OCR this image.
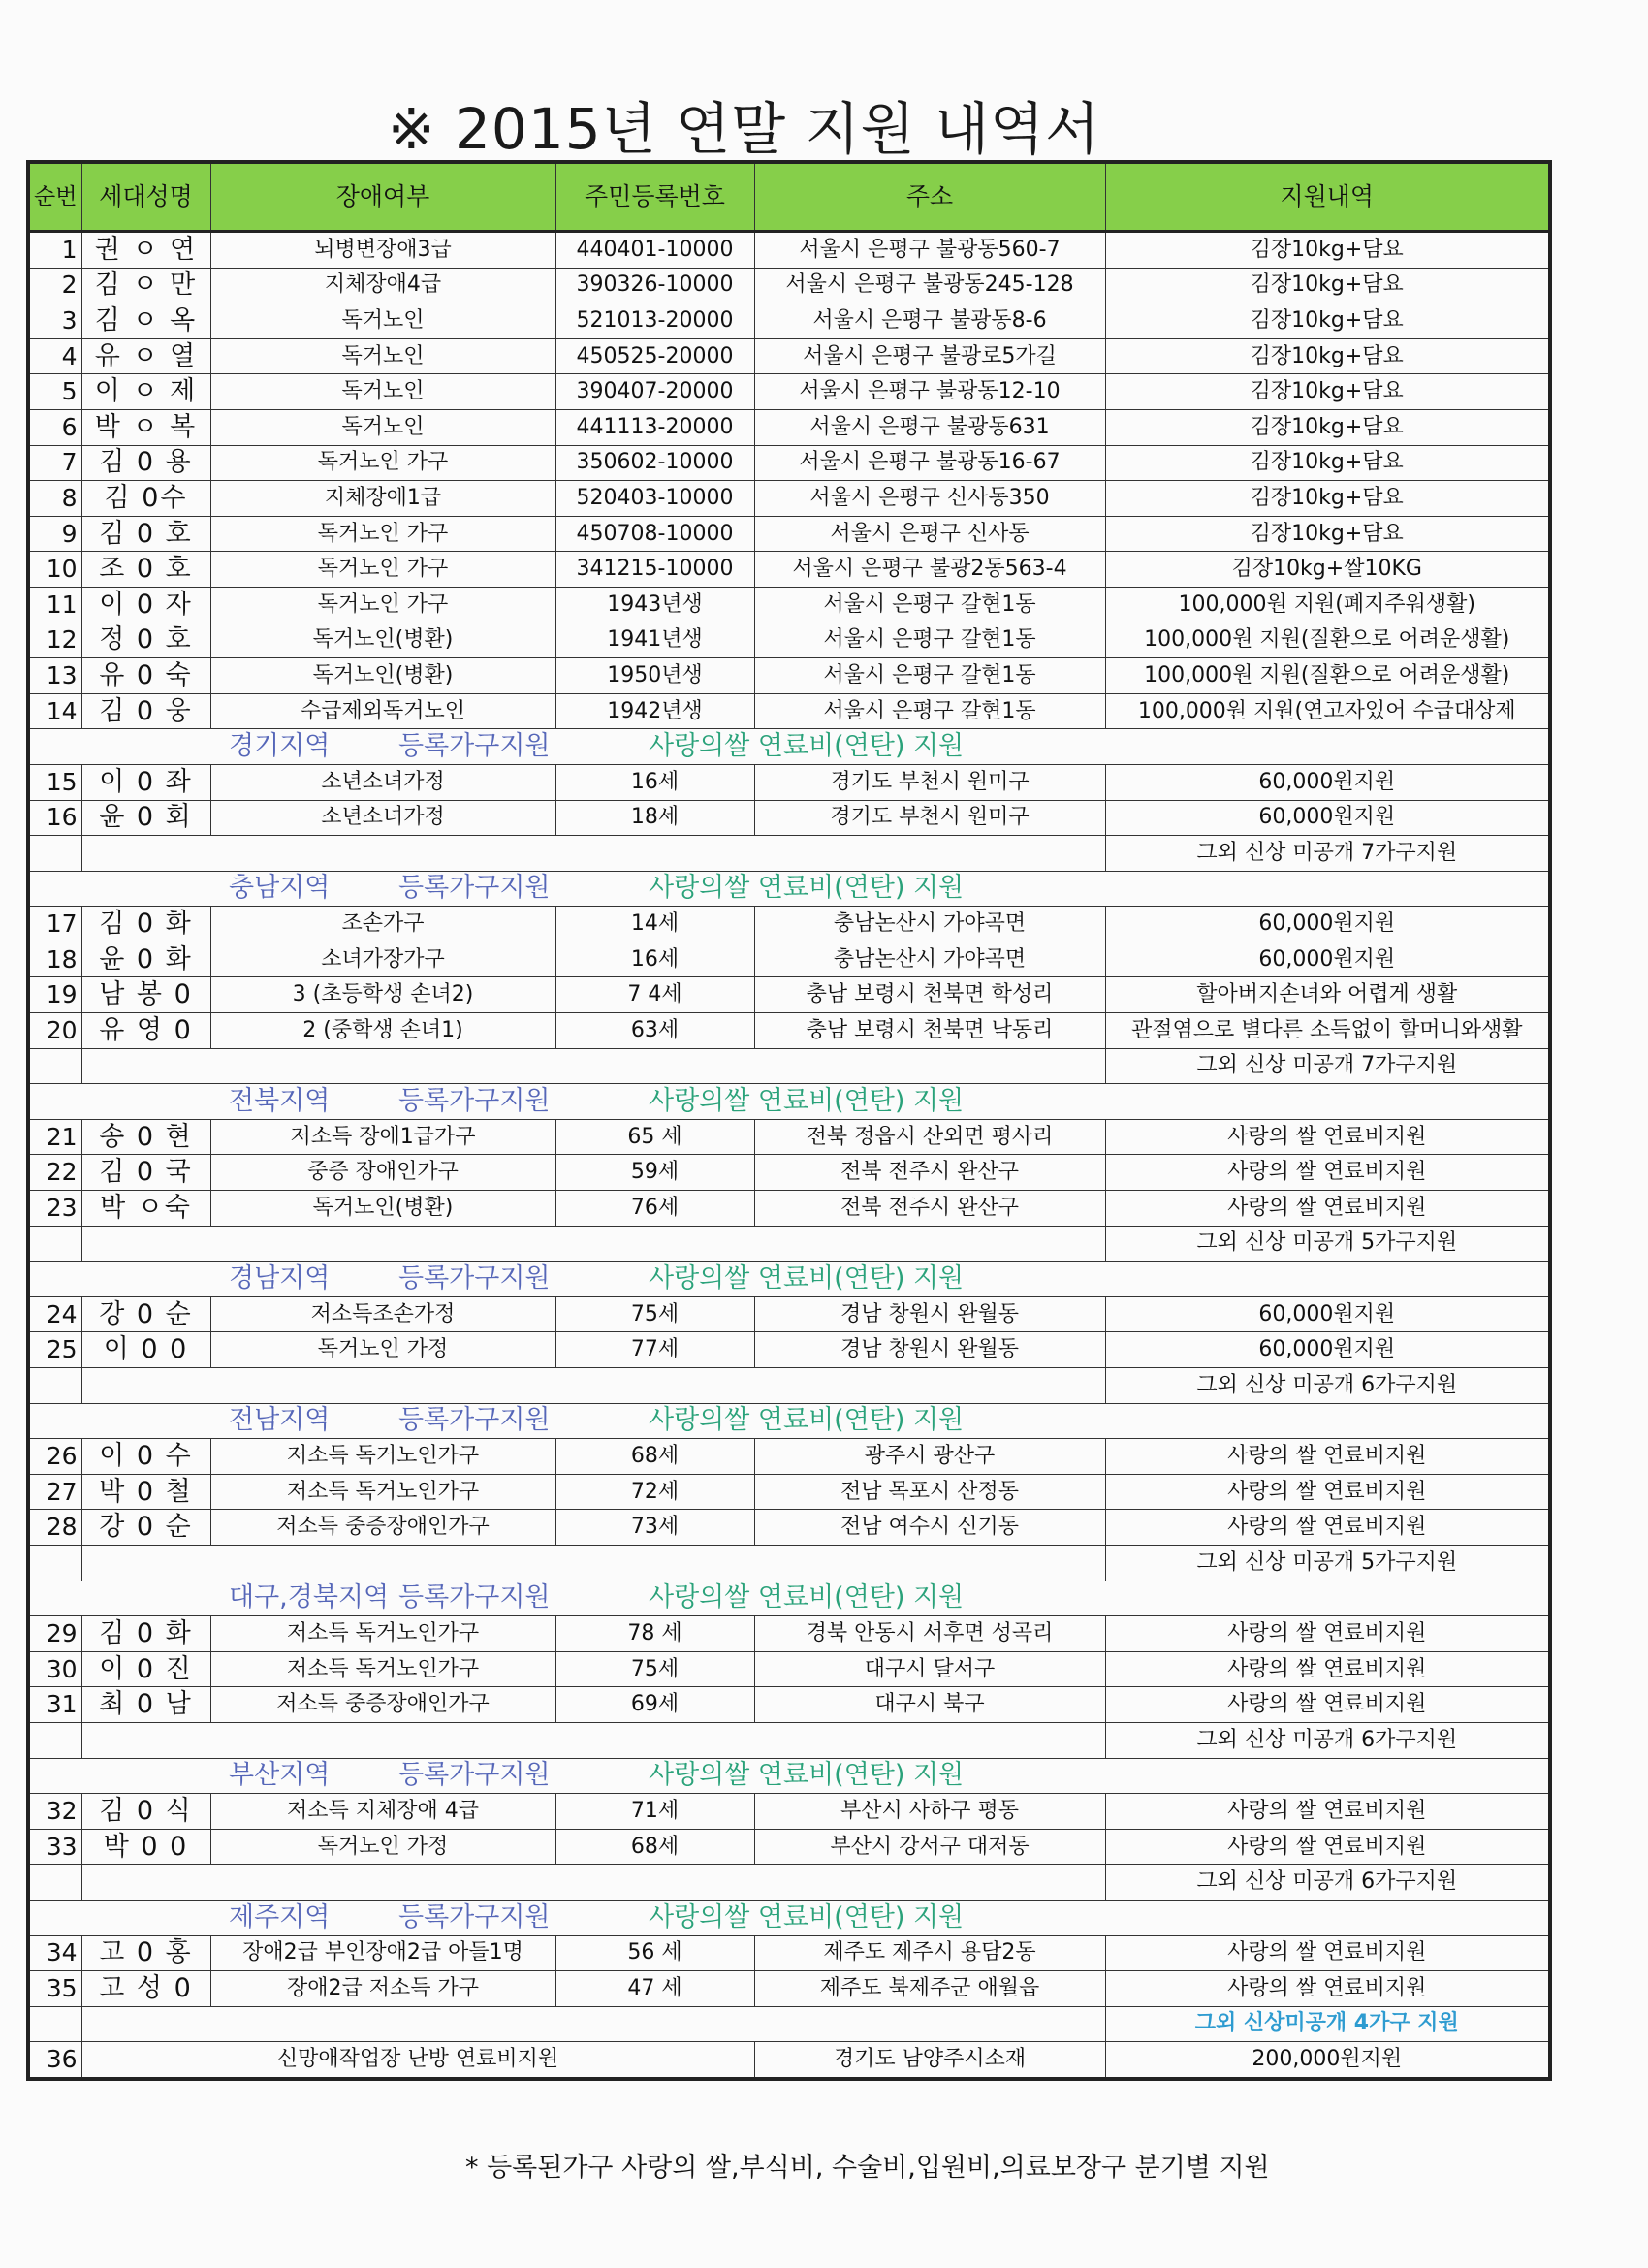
※ 2015년 연말 지원 내역서
순번	세대성명	장애여부	주민등록번호	주소	지원내역
1	권 ㅇ 연	뇌병변장애3급	440401-10000	서울시 은평구 불광동560-7	김장10kg+담요
2	김 ㅇ 만	지체장애4급	390326-10000	서울시 은평구 불광동245-128	김장10kg+담요
3	김 ㅇ 옥	독거노인	521013-20000	서울시 은평구 불광동8-6	김장10kg+담요
4	유 ㅇ 열	독거노인	450525-20000	서울시 은평구 불광로5가길	김장10kg+담요
5	이 ㅇ 제	독거노인	390407-20000	서울시 은평구 불광동12-10	김장10kg+담요
6	박 ㅇ 복	독거노인	441113-20000	서울시 은평구 불광동631	김장10kg+담요
7	김 0 용	독거노인 가구	350602-10000	서울시 은평구 불광동16-67	김장10kg+담요
8	김 0수	지체장애1급	520403-10000	서울시 은평구 신사동350	김장10kg+담요
9	김 0 호	독거노인 가구	450708-10000	서울시 은평구 신사동	김장10kg+담요
10	조 0 호	독거노인 가구	341215-10000	서울시 은평구 불광2동563-4	김장10kg+쌀10KG
11	이 0 자	독거노인 가구	1943년생	서울시 은평구 갈현1동	100,000원 지원(폐지주워생활)
12	정 0 호	독거노인(병환)	1941년생	서울시 은평구 갈현1동	100,000원 지원(질환으로 어려운생활)
13	유 0 숙	독거노인(병환)	1950년생	서울시 은평구 갈현1동	100,000원 지원(질환으로 어려운생활)
14	김 0 웅	수급제외독거노인	1942년생	서울시 은평구 갈현1동	100,000원 지원(연고자있어 수급대상제
경기지역 등록가구지원 사랑의쌀 연료비(연탄) 지원					
15	이 0 좌	소년소녀가정	16세	경기도 부천시 원미구	60,000원지원
16	윤 0 회	소년소녀가정	18세	경기도 부천시 원미구	60,000원지원
					그외 신상 미공개 7가구지원
충남지역 등록가구지원 사랑의쌀 연료비(연탄) 지원					
17	김 0 화	조손가구	14세	충남논산시 가야곡면	60,000원지원
18	윤 0 화	소녀가장가구	16세	충남논산시 가야곡면	60,000원지원
19	남 봉 0	3 (초등학생 손녀2)	7 4세	충남 보령시 천북면 학성리	할아버지손녀와 어렵게 생활
20	유 영 0	2 (중학생 손녀1)	63세	충남 보령시 천북면 낙동리	관절염으로 별다른 소득없이 할머니와생활
					그외 신상 미공개 7가구지원
전북지역 등록가구지원 사랑의쌀 연료비(연탄) 지원					
21	송 0 현	저소득 장애1급가구	65 세	전북 정읍시 산외면 평사리	사랑의 쌀 연료비지원
22	김 0 국	중증 장애인가구	59세	전북 전주시 완산구	사랑의 쌀 연료비지원
23	박 ㅇ숙	독거노인(병환)	76세	전북 전주시 완산구	사랑의 쌀 연료비지원
					그외 신상 미공개 5가구지원
경남지역 등록가구지원 사랑의쌀 연료비(연탄) 지원					
24	강 0 순	저소득조손가정	75세	경남 창원시 완월동	60,000원지원
25	이 0 0	독거노인 가정	77세	경남 창원시 완월동	60,000원지원
					그외 신상 미공개 6가구지원
전남지역 등록가구지원 사랑의쌀 연료비(연탄) 지원					
26	이 0 수	저소득 독거노인가구	68세	광주시 광산구	사랑의 쌀 연료비지원
27	박 0 철	저소득 독거노인가구	72세	전남 목포시 산정동	사랑의 쌀 연료비지원
28	강 0 순	저소득 중증장애인가구	73세	전남 여수시 신기동	사랑의 쌀 연료비지원
					그외 신상 미공개 5가구지원
대구,경북지역 등록가구지원 사랑의쌀 연료비(연탄) 지원					
29	김 0 화	저소득 독거노인가구	78 세	경북 안동시 서후면 성곡리	사랑의 쌀 연료비지원
30	이 0 진	저소득 독거노인가구	75세	대구시 달서구	사랑의 쌀 연료비지원
31	최 0 남	저소득 중증장애인가구	69세	대구시 북구	사랑의 쌀 연료비지원
					그외 신상 미공개 6가구지원
부산지역 등록가구지원 사랑의쌀 연료비(연탄) 지원					
32	김 0 식	저소득 지체장애 4급	71세	부산시 사하구 평동	사랑의 쌀 연료비지원
33	박 0 0	독거노인 가정	68세	부산시 강서구 대저동	사랑의 쌀 연료비지원
					그외 신상 미공개 6가구지원
제주지역 등록가구지원 사랑의쌀 연료비(연탄) 지원					
34	고 0 홍	장애2급 부인장애2급 아들1명	56 세	제주도 제주시 용담2동	사랑의 쌀 연료비지원
35	고 성 0	장애2급 저소득 가구	47 세	제주도 북제주군 애월읍	사랑의 쌀 연료비지원
					그외 신상미공개 4가구 지원
36	신망애작업장 난방 연료비지원			경기도 남양주시소재	200,000원지원
* 등록된가구 사랑의 쌀,부식비, 수술비,입원비,의료보장구 분기별 지원
